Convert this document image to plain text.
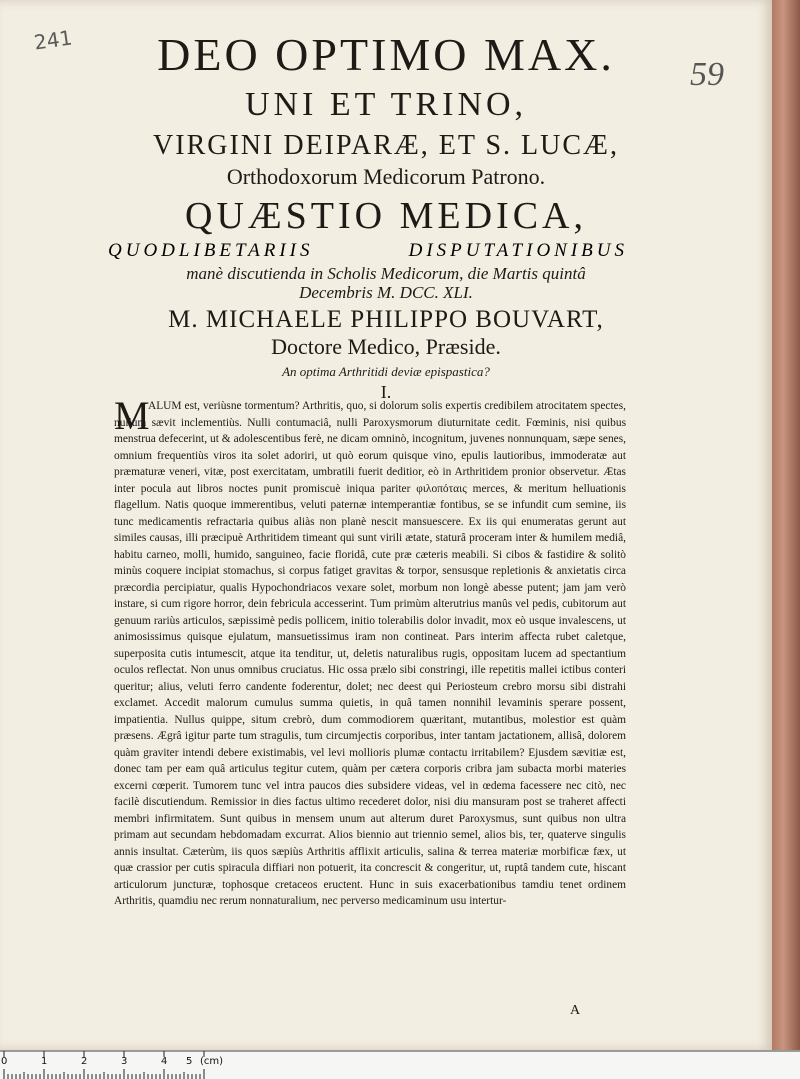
DEO OPTIMO MAX.
UNI ET TRINO,
VIRGINI DEIPARÆ, ET S. LUCÆ,
Orthodoxorum Medicorum Patrono.
QUÆSTIO MEDICA,
QUODLIBETARIIS DISPUTATIONIBUS
manè discutienda in Scholis Medicorum, die Martis quintâ
Decembris M. DCC. XLI.
M. MICHAELE PHILIPPO BOUVART,
Doctore Medico, Præside.
An optima Arthritidi deviæ epispastica?
I.
M
ALUM est, veriùsne tormentum? Arthritis, quo, si dolorum solis expertis credibilem atrocitatem spectes, nullum sævit inclementiùs. Nulli contumaciâ, nulli Paroxysmorum diuturnitate cedit. Fœminis, nisi quibus menstrua defecerint, ut & adolescentibus ferè, ne dicam omninò, incognitum, juvenes nonnunquam, sæpe senes, omnium frequentiùs viros ita solet adoriri, ut quò eorum quisque vino, epulis lautioribus, immoderatæ aut præmaturæ veneri, vitæ, post exercitatam, umbratili fuerit deditior, eò in Arthritidem pronior observetur. Ætas inter pocula aut libros noctes punit promiscuè iniqua pariter φιλοπόταις merces, & meritum helluationis flagellum. Natis quoque immerentibus, veluti paternæ intemperantiæ fontibus, se se infundit cum semine, iis tunc medicamentis refractaria quibus aliàs non planè nescit mansuescere. Ex iis qui enumeratas gerunt aut similes causas, illi præcipuè Arthritidem timeant qui sunt virili ætate, staturâ proceram inter & humilem mediâ, habitu carneo, molli, humido, sanguineo, facie floridâ, cute præ cæteris meabili. Si cibos & fastidire & solitò minùs coquere incipiat stomachus, si corpus fatiget gravitas & torpor, sensusque repletionis & anxietatis circa præcordia percipiatur, qualis Hypochondriacos vexare solet, morbum non longè abesse putent; jam jam verò instare, si cum rigore horror, dein febricula accesserint. Tum primùm alterutrius manûs vel pedis, cubitorum aut genuum rariùs articulos, sæpissimè pedis pollicem, initio tolerabilis dolor invadit, mox eò usque invalescens, ut animosissimus quisque ejulatum, mansuetissimus iram non contineat. Pars interim affecta rubet caletque, superposita cutis intumescit, atque ita tenditur, ut, deletis naturalibus rugis, oppositam lucem ad spectantium oculos reflectat. Non unus omnibus cruciatus. Hic ossa prælo sibi constringi, ille repetitis mallei ictibus conteri queritur; alius, veluti ferro candente foderentur, dolet; nec deest qui Periosteum crebro morsu sibi distrahi exclamet. Accedit malorum cumulus summa quietis, in quâ tamen nonnihil levaminis sperare possent, impatientia. Nullus quippe, situm crebrò, dum commodiorem quæritant, mutantibus, molestior est quàm præsens. Ægrâ igitur parte tum stragulis, tum circumjectis corporibus, inter tantam jactationem, allisâ, dolorem quàm graviter intendi debere existimabis, vel levi mollioris plumæ contactu irritabilem? Ejusdem sævitiæ est, donec tam per eam quâ articulus tegitur cutem, quàm per cætera corporis cribra jam subacta morbi materies excerni cœperit. Tumorem tunc vel intra paucos dies subsidere videas, vel in œdema facessere nec citò, nec facilè discutiendum. Remissior in dies factus ultimo recederet dolor, nisi diu mansuram post se traheret affecti membri infirmitatem. Sunt quibus in mensem unum aut alterum duret Paroxysmus, sunt quibus non ultra primam aut secundam hebdomadam excurrat. Alios biennio aut triennio semel, alios bis, ter, quaterve singulis annis insultat. Cæterùm, iis quos sæpiùs Arthritis afflixit articulis, salina & terrea materiæ morbificæ fæx, ut quæ crassior per cutis spiracula diffiari non potuerit, ita concrescit & congeritur, ut, ruptâ tandem cute, hiscant articulorum juncturæ, tophosque cretaceos eructent. Hunc in suis exacerbationibus tamdiu tenet ordinem Arthritis, quamdiu nec rerum nonnaturalium, nec perverso medicaminum usu intertur-
A
241
59
0	1	2	3	4 5 (cm)
